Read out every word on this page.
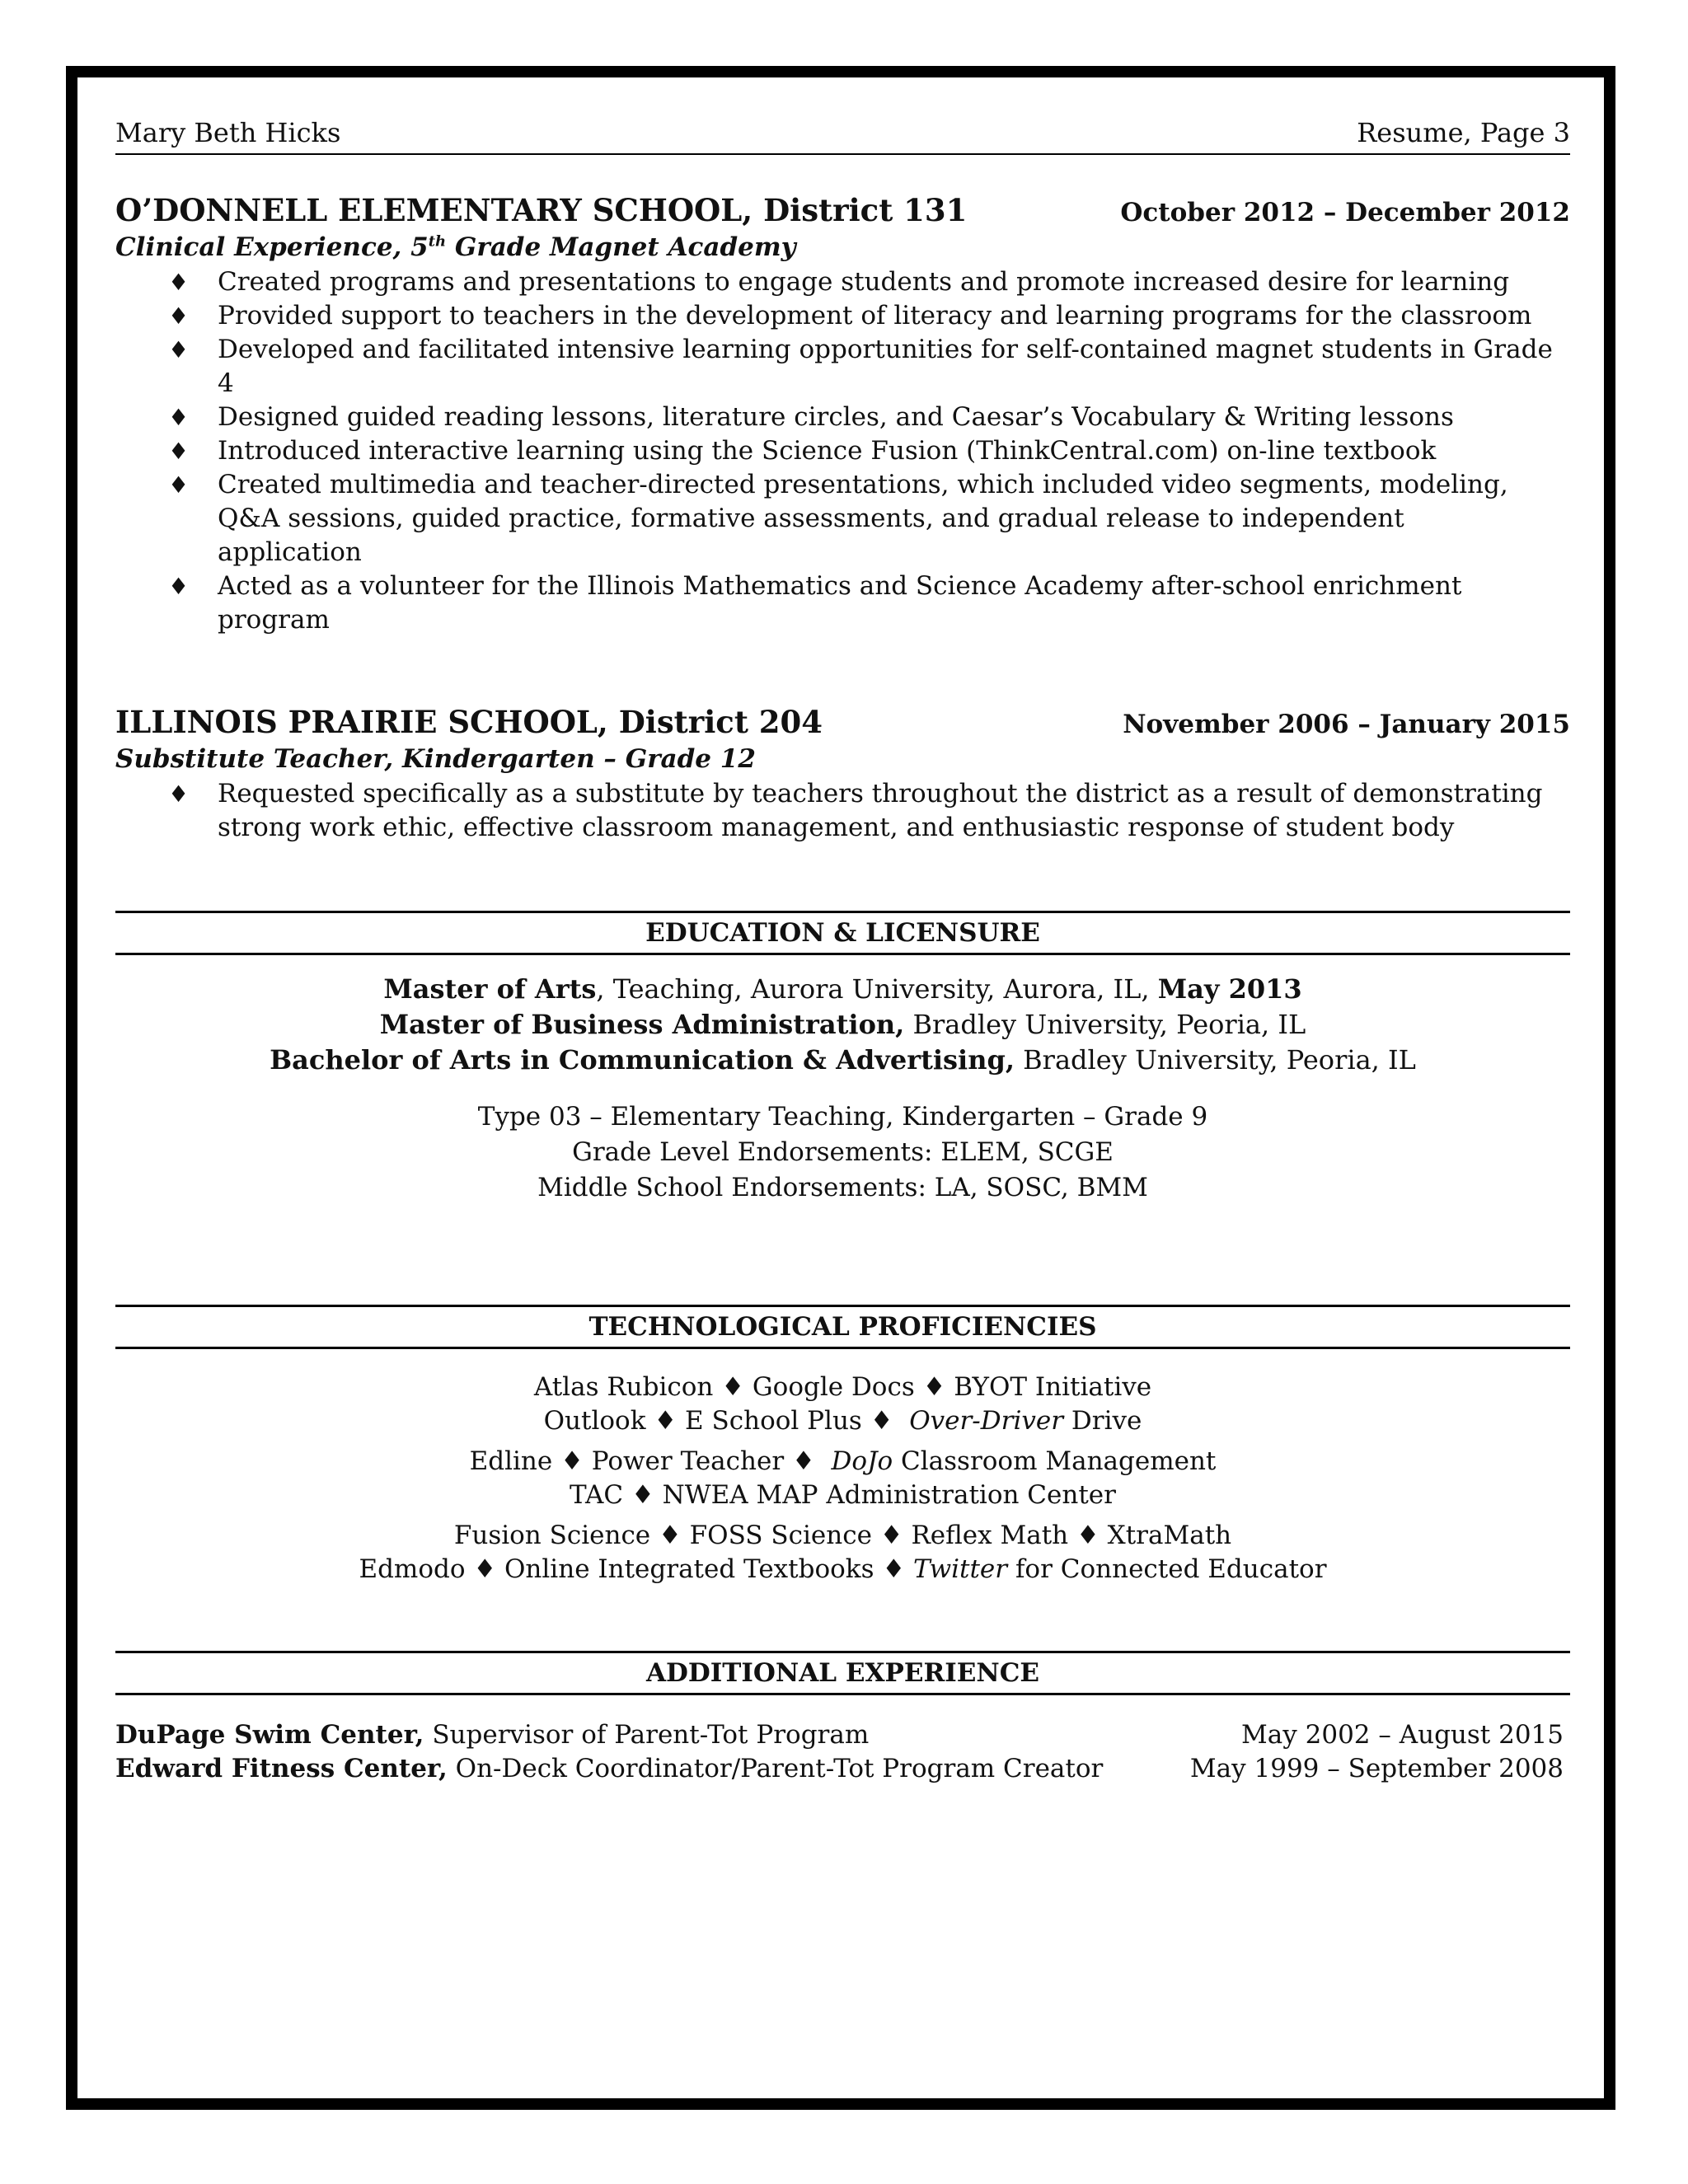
Mary Beth Hicks	Resume, Page 3
O’DONNELL ELEMENTARY SCHOOL, District 131	October 2012 – December 2012
Clinical Experience, 5th Grade Magnet Academy
♦ Created programs and presentations to engage students and promote increased desire for learning
♦ Provided support to teachers in the development of literacy and learning programs for the classroom
♦ Developed and facilitated intensive learning opportunities for self-contained magnet students in Grade 4
♦ Designed guided reading lessons, literature circles, and Caesar’s Vocabulary & Writing lessons
♦ Introduced interactive learning using the Science Fusion (ThinkCentral.com) on-line textbook
♦ Created multimedia and teacher-directed presentations, which included video segments, modeling, Q&A sessions, guided practice, formative assessments, and gradual release to independent application
♦ Acted as a volunteer for the Illinois Mathematics and Science Academy after-school enrichment program
ILLINOIS PRAIRIE SCHOOL, District 204	November 2006 – January 2015
Substitute Teacher, Kindergarten – Grade 12
♦ Requested specifically as a substitute by teachers throughout the district as a result of demonstrating strong work ethic, effective classroom management, and enthusiastic response of student body
EDUCATION & LICENSURE
Master of Arts, Teaching, Aurora University, Aurora, IL, May 2013
Master of Business Administration, Bradley University, Peoria, IL
Bachelor of Arts in Communication & Advertising, Bradley University, Peoria, IL
Type 03 – Elementary Teaching, Kindergarten – Grade 9
Grade Level Endorsements: ELEM, SCGE
Middle School Endorsements: LA, SOSC, BMM
TECHNOLOGICAL PROFICIENCIES
Atlas Rubicon ♦ Google Docs ♦ BYOT Initiative
Outlook ♦ E School Plus ♦ Over-Driver Drive
Edline ♦ Power Teacher ♦ DoJo Classroom Management
TAC ♦ NWEA MAP Administration Center
Fusion Science ♦ FOSS Science ♦ Reflex Math ♦ XtraMath
Edmodo ♦ Online Integrated Textbooks ♦ Twitter for Connected Educator
ADDITIONAL EXPERIENCE
DuPage Swim Center, Supervisor of Parent-Tot Program	May 2002 – August 2015
Edward Fitness Center, On-Deck Coordinator/Parent-Tot Program Creator	May 1999 – September 2008
